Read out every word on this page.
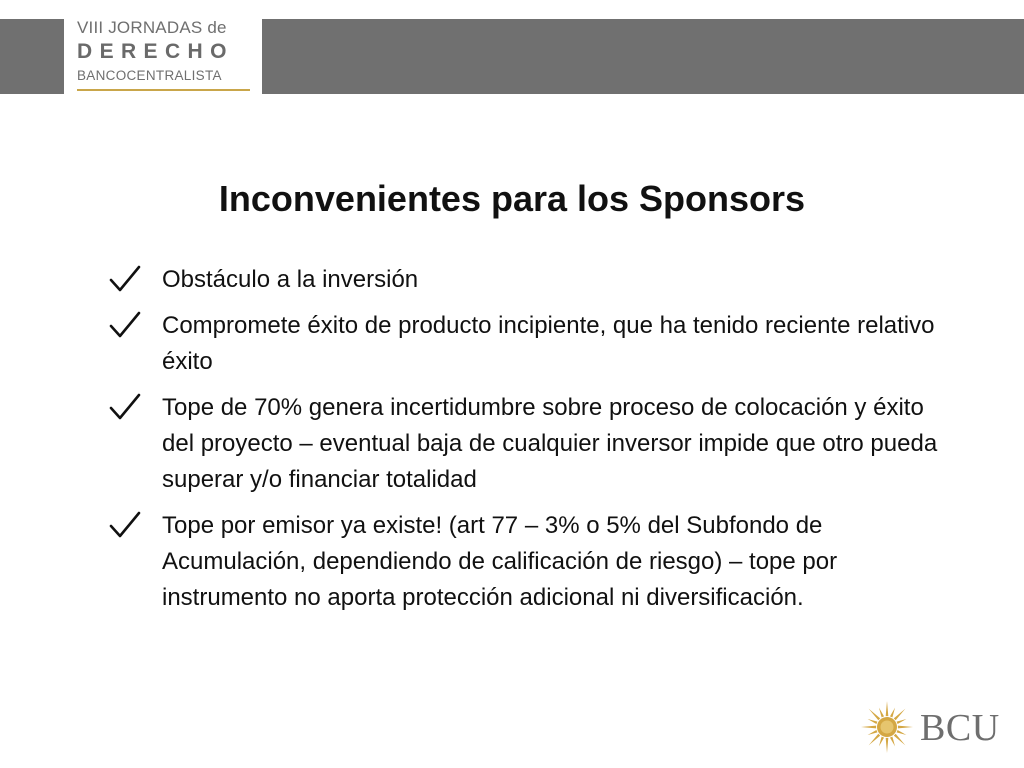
VIII JORNADAS de
DERECHO
BANCOCENTRALISTA
Inconvenientes para los Sponsors
Obstáculo a la inversión
Compromete éxito de producto incipiente, que ha tenido reciente relativo éxito
Tope de 70% genera incertidumbre sobre proceso de colocación y éxito del proyecto – eventual baja de cualquier inversor impide que otro pueda superar y/o financiar totalidad
Tope por emisor ya existe! (art 77 – 3% o 5% del Subfondo de Acumulación, dependiendo de calificación de riesgo) – tope por instrumento no aporta protección adicional ni diversificación.
BCU
